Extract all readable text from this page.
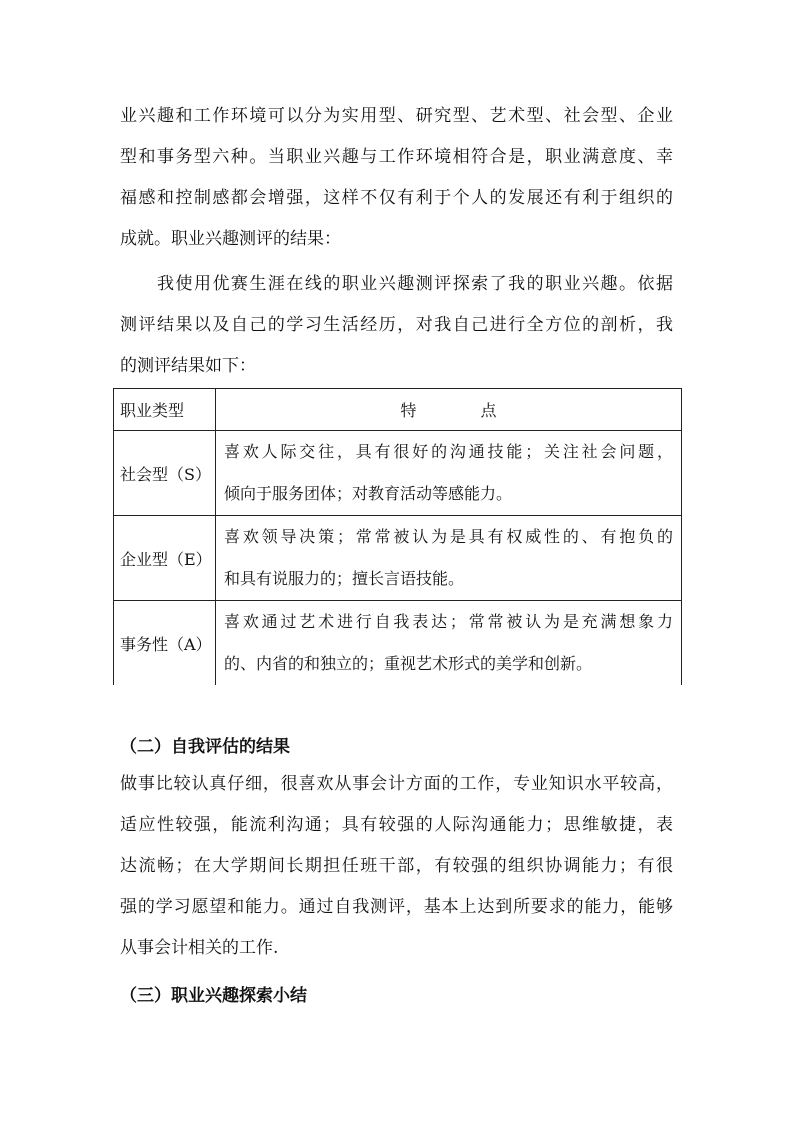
业兴趣和工作环境可以分为实用型、研究型、艺术型、社会型、企业
型和事务型六种。当职业兴趣与工作环境相符合是，职业满意度、幸
福感和控制感都会增强，这样不仅有利于个人的发展还有利于组织的
成就。职业兴趣测评的结果：

我使用优赛生涯在线的职业兴趣测评探索了我的职业兴趣。依据
测评结果以及自己的学习生活经历，对我自己进行全方位的剖析，我
的测评结果如下：

职业类型	特 点
社会型（S）	喜欢人际交往，具有很好的沟通技能；关注社会问题，
倾向于服务团体；对教育活动等感能力。

企业型（E）	喜欢领导决策；常常被认为是具有权威性的、有抱负的
和具有说服力的；擅长言语技能。

事务性（A）	喜欢通过艺术进行自我表达；常常被认为是充满想象力
的、内省的和独立的；重视艺术形式的美学和创新。
（二）自我评估的结果

做事比较认真仔细，很喜欢从事会计方面的工作，专业知识水平较高，
适应性较强，能流利沟通；具有较强的人际沟通能力；思维敏捷，表
达流畅；在大学期间长期担任班干部，有较强的组织协调能力；有很
强的学习愿望和能力。通过自我测评，基本上达到所要求的能力，能够
从事会计相关的工作.

（三）职业兴趣探索小结
